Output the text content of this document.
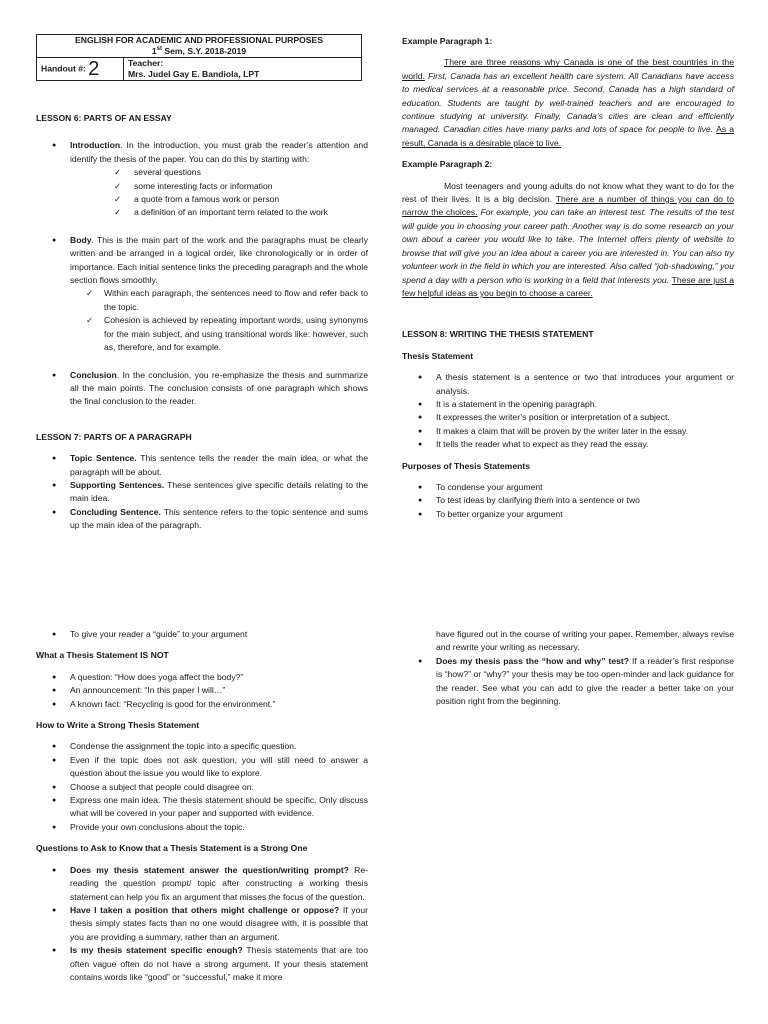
ENGLISH FOR ACADEMIC AND PROFESSIONAL PURPOSES
1st Sem, S.Y. 2018-2019

Handout #: 2	Teacher:
Mrs. Judel Gay E. Bandiola, LPT
LESSON 6: PARTS OF AN ESSAY
● Introduction. In the introduction, you must grab the reader’s attention and identify the thesis of the paper. You can do this by starting with:
✓ several questions
✓ some interesting facts or information
✓ a quote from a famous work or person
✓ a definition of an important term related to the work
● Body. This is the main part of the work and the paragraphs must be clearly written and be arranged in a logical order, like chronologically or in order of importance. Each initial sentence links the preceding paragraph and the whole section flows smoothly.
✓ Within each paragraph, the sentences need to flow and refer back to the topic.
✓ Cohesion is achieved by repeating important words, using synonyms for the main subject, and using transitional words like: however, such as, therefore, and for example.
● Conclusion. In the conclusion, you re-emphasize the thesis and summarize all the main points. The conclusion consists of one paragraph which shows the final conclusion to the reader.
LESSON 7: PARTS OF A PARAGRAPH
● Topic Sentence. This sentence tells the reader the main idea, or what the paragraph will be about.
● Supporting Sentences. These sentences give specific details relating to the main idea.
● Concluding Sentence. This sentence refers to the topic sentence and sums up the main idea of the paragraph.
Example Paragraph 1:
There are three reasons why Canada is one of the best countries in the world. First, Canada has an excellent health care system. All Canadians have access to medical services at a reasonable price. Second, Canada has a high standard of education. Students are taught by well-trained teachers and are encouraged to continue studying at university. Finally, Canada’s cities are clean and efficiently managed. Canadian cities have many parks and lots of space for people to live. As a result, Canada is a desirable place to live.
Example Paragraph 2:
Most teenagers and young adults do not know what they want to do for the rest of their lives. It is a big decision. There are a number of things you can do to narrow the choices. For example, you can take an interest test. The results of the test will guide you in choosing your career path. Another way is do some research on your own about a career you would like to take. The Internet offers plenty of website to browse that will give you an idea about a career you are interested in. You can also try volunteer work in the field in which you are interested. Also called “job-shadowing,” you spend a day with a person who is working in a field that interests you. These are just a few helpful ideas as you begin to choose a career.
LESSON 8: WRITING THE THESIS STATEMENT
Thesis Statement
● A thesis statement is a sentence or two that introduces your argument or analysis.
● It is a statement in the opening paragraph.
● It expresses the writer’s position or interpretation of a subject.
● It makes a claim that will be proven by the writer later in the essay.
● It tells the reader what to expect as they read the essay.
Purposes of Thesis Statements
● To condense your argument
● To test ideas by clarifying them into a sentence or two
● To better organize your argument
● To give your reader a “guide” to your argument
What a Thesis Statement IS NOT
● A question: “How does yoga affect the body?”
● An announcement: “In this paper I will…”
● A known fact: “Recycling is good for the environment.”
How to Write a Strong Thesis Statement
● Condense the assignment the topic into a specific question.
● Even if the topic does not ask question, you will still need to answer a question about the issue you would like to explore.
● Choose a subject that people could disagree on.
● Express one main idea. The thesis statement should be specific. Only discuss what will be covered in your paper and supported with evidence.
● Provide your own conclusions about the topic.
Questions to Ask to Know that a Thesis Statement is a Strong One
● Does my thesis statement answer the question/writing prompt? Re-reading the question prompt/ topic after constructing a working thesis statement can help you fix an argument that misses the focus of the question.
● Have I taken a position that others might challenge or oppose? If your thesis simply states facts than no one would disagree with, it is possible that you are providing a summary, rather than an argument.
● Is my thesis statement specific enough? Thesis statements that are too often vague often do not have a strong argument. If your thesis statement contains words like “good” or “successful,” make it more
have figured out in the course of writing your paper. Remember, always revise and rewrite your writing as necessary.
● Does my thesis pass the “how and why” test? If a reader’s first response is “how?” or “why?” your thesis may be too open-minder and lack guidance for the reader. See what you can add to give the reader a better take on your position right from the beginning.
